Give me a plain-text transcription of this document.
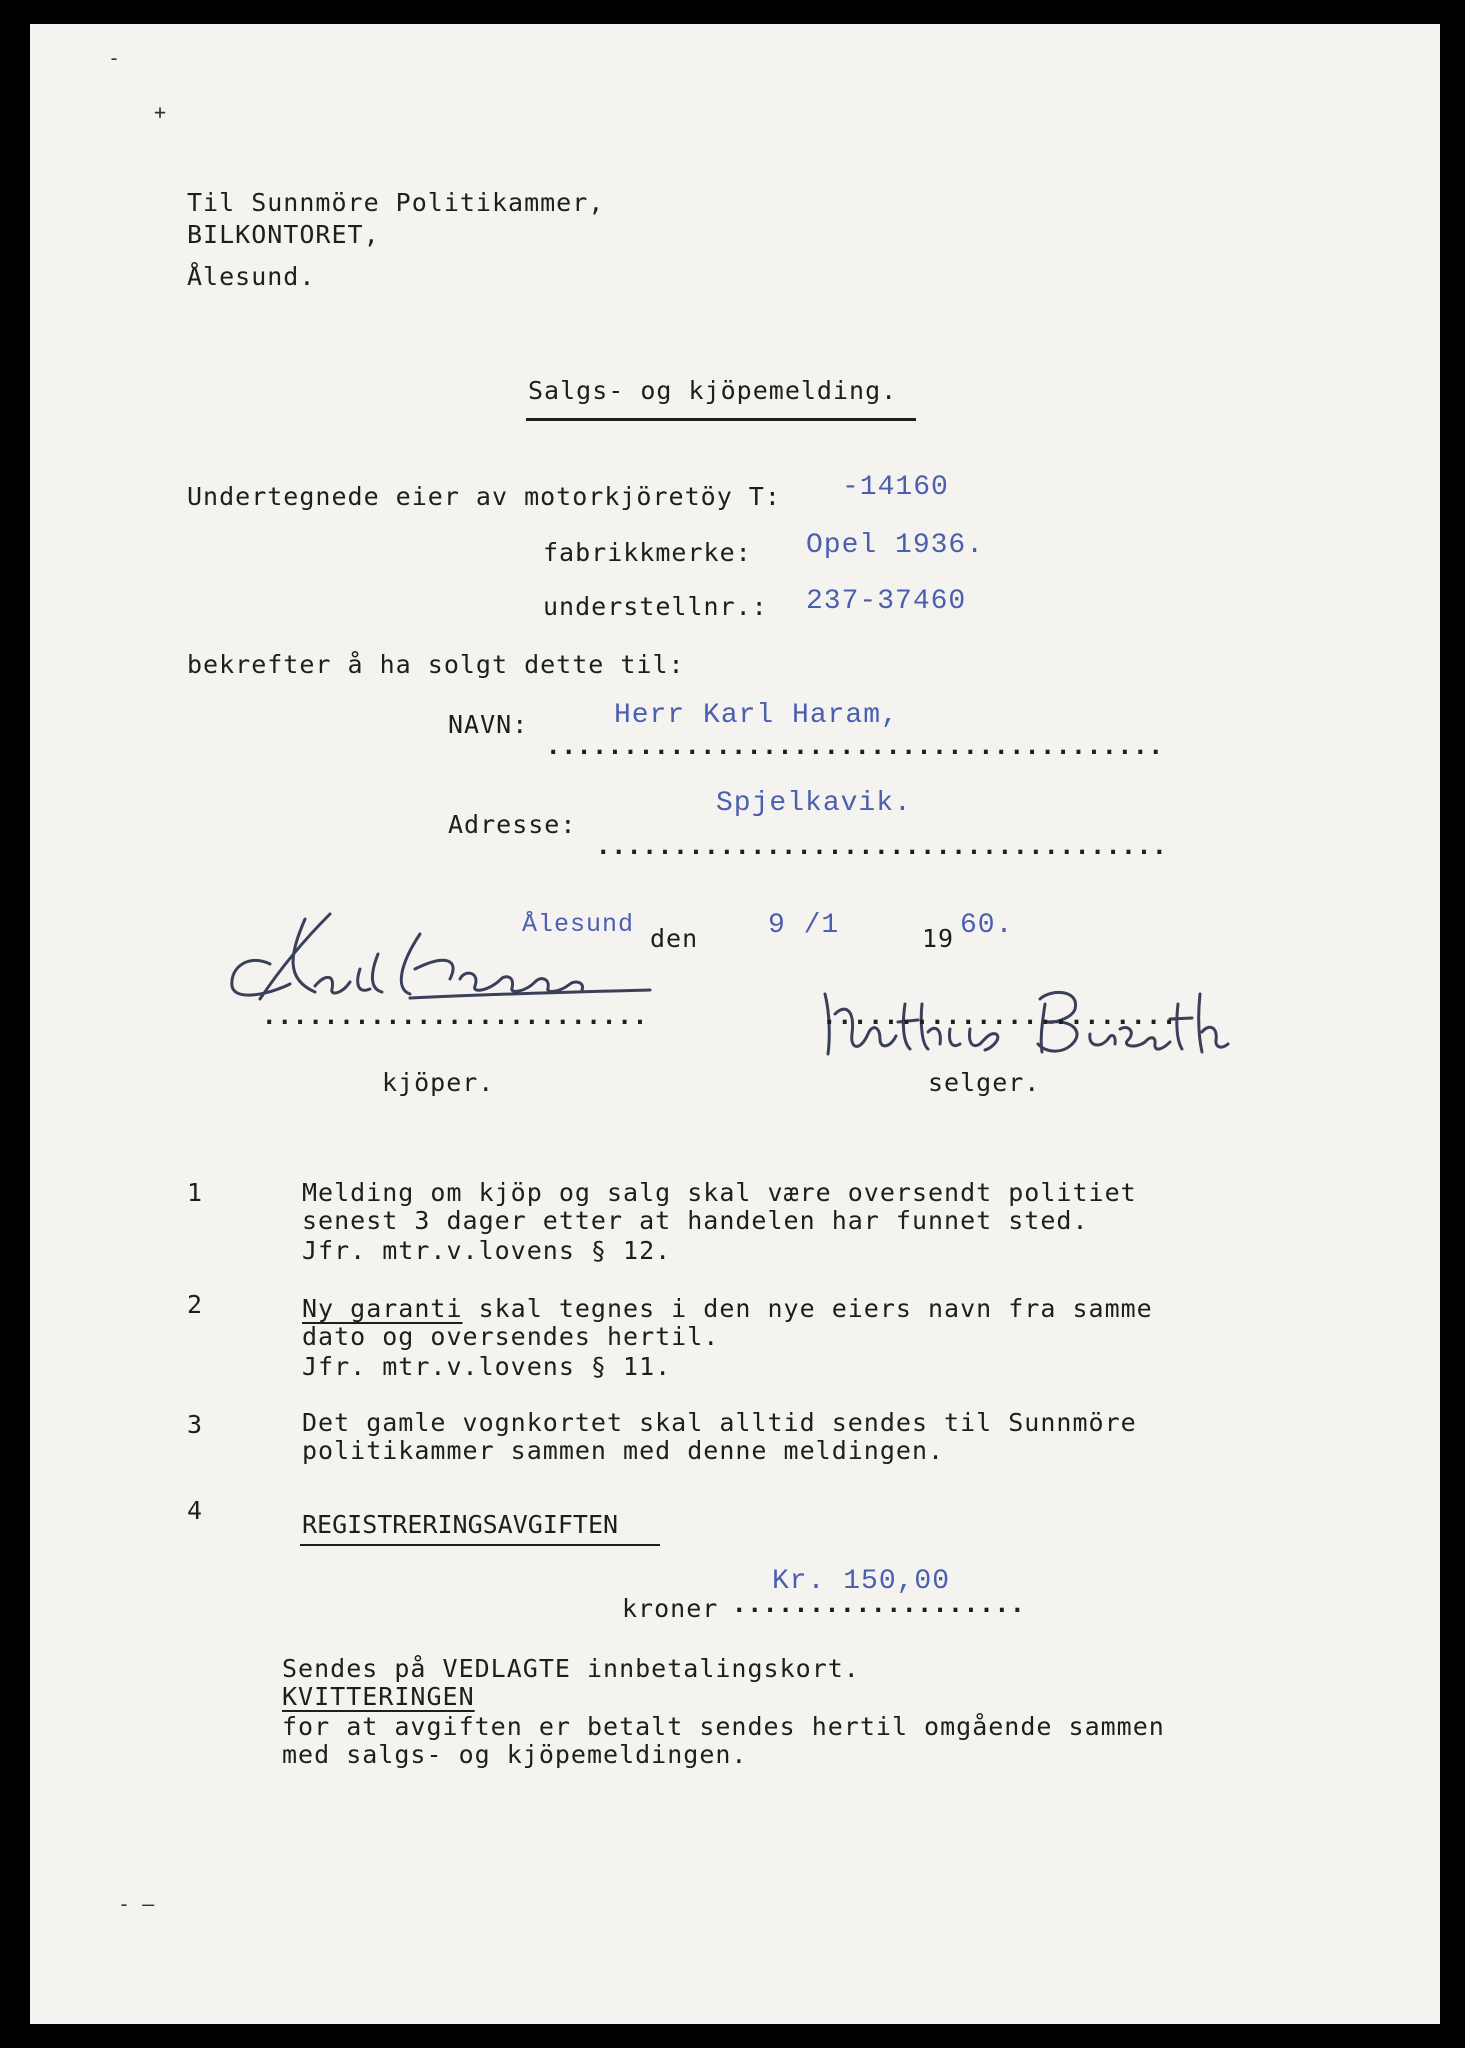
-
+
Til Sunnmöre Politikammer,
BILKONTORET,
Ålesund.
Salgs- og kjöpemelding.
Undertegnede eier av motorkjöretöy T: -14160
fabrikkmerke: Opel 1936.
understellnr.: 237-37460
bekrefter å ha solgt dette til:
NAVN:	Herr Karl Haram,
........................................
Adresse:
Spjelkavik.
.....................................
Ålesund den 9 /1	19 60.
.........................
kjöper.
.......................
selger.
1	Melding om kjöp og salg skal være oversendt politiet
senest 3 dager etter at handelen har funnet sted.
Jfr. mtr.v.lovens § 12.
2	Ny garanti skal tegnes i den nye eiers navn fra samme
dato og oversendes hertil.
Jfr. mtr.v.lovens § 11.
3	Det gamle vognkortet skal alltid sendes til Sunnmöre
politikammer sammen med denne meldingen.
4	REGISTRERINGSAVGIFTEN
Kr. 150,00
kroner ...................
Sendes på VEDLAGTE innbetalingskort.
KVITTERINGEN
for at avgiften er betalt sendes hertil omgående sammen
med salgs- og kjöpemeldingen.
- —
